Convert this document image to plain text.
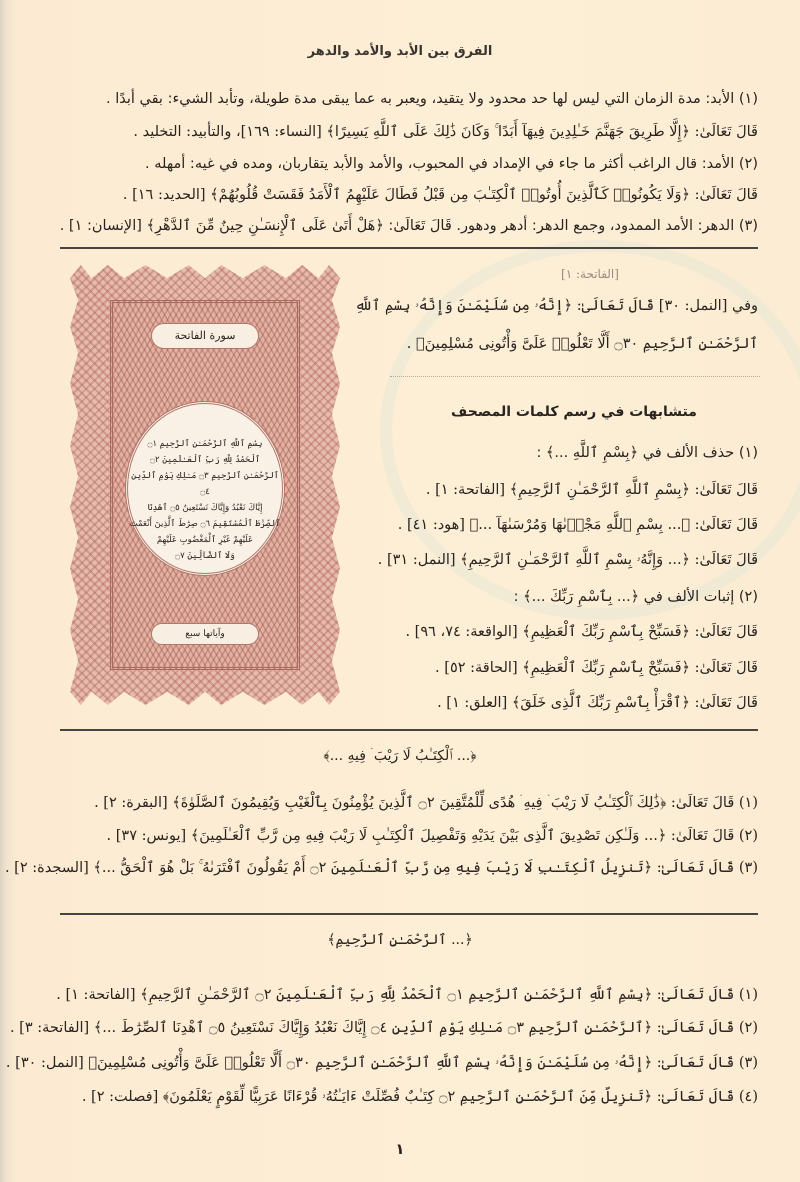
الفرق بين الأبد والأمد والدهر
(١) الأبد: مدة الزمان التي ليس لها حد محدود ولا يتقيد، ويعبر به عما يبقى مدة طويلة، وتأبد الشيء: بقي أبدًا .
قَالَ تَعَالَىٰ: ﴿إِلَّا طَرِيقَ جَهَنَّمَ خَـٰلِدِينَ فِيهَآ أَبَدًا ۚ وَكَانَ ذَٰلِكَ عَلَى ٱللَّهِ يَسِيرًا﴾ [النساء: ١٦٩]، والتأبيد: التخليد .
(٢) الأمد: قال الراغب أكثر ما جاء في الإمداد في المحبوب، والأمد والأبد يتقاربان، ومده في غيه: أمهله .
قَالَ تَعَالَىٰ: ﴿وَلَا يَكُونُوا۟ كَٱلَّذِينَ أُوتُوا۟ ٱلْكِتَـٰبَ مِن قَبْلُ فَطَالَ عَلَيْهِمُ ٱلْأَمَدُ فَقَسَتْ قُلُوبُهُمْ﴾ [الحديد: ١٦] .
(٣) الدهر: الأمد الممدود، وجمع الدهر: أدهر ودهور. قَالَ تَعَالَىٰ: ﴿هَلْ أَتَىٰ عَلَى ٱلْإِنسَـٰنِ حِينٌ مِّنَ ٱلدَّهْرِ﴾ [الإنسان: ١] .
سورة الفاتحة
بِسْمِ ٱللَّهِ ٱلرَّحْمَـٰنِ ٱلرَّحِيمِ ۝١
ٱلْحَمْدُ لِلَّهِ رَبِّ ٱلْعَـٰلَمِينَ ۝٢
ٱلرَّحْمَـٰنِ ٱلرَّحِيمِ ۝٣ مَـٰلِكِ يَوْمِ ٱلدِّينِ ۝٤
إِيَّاكَ نَعْبُدُ وَإِيَّاكَ نَسْتَعِينُ ۝٥ ٱهْدِنَا
ٱلصِّرَٰطَ ٱلْمُسْتَقِيمَ ۝٦ صِرَٰطَ ٱلَّذِينَ أَنْعَمْتَ
عَلَيْهِمْ غَيْرِ ٱلْمَغْضُوبِ عَلَيْهِمْ
وَلَا ٱلضَّآلِّينَ ۝٧
وآياتها سبع
[الفاتحة: ١]
وفي [النمل: ٣٠] قَالَ تَعَالَىٰ: ﴿إِنَّهُۥ مِن سُلَيْمَـٰنَ وَإِنَّهُۥ بِسْمِ ٱللَّهِ
ٱلرَّحْمَـٰنِ ٱلرَّحِيمِ ۝٣٠ أَلَّا تَعْلُوا۟ عَلَىَّ وَأْتُونِى مُسْلِمِينَ﴾ .
متشابهات في رسم كلمات المصحف
(١) حذف الألف في ﴿بِسْمِ ٱللَّهِ ...﴾ :
قَالَ تَعَالَىٰ: ﴿بِسْمِ ٱللَّهِ ٱلرَّحْمَـٰنِ ٱلرَّحِيمِ﴾ [الفاتحة: ١] .
قَالَ تَعَالَىٰ: ﴿... بِسْمِ ٱللَّهِ مَجْر۪ىٰهَا وَمُرْسَىٰهَآ ...﴾ [هود: ٤١] .
قَالَ تَعَالَىٰ: ﴿... وَإِنَّهُۥ بِسْمِ ٱللَّهِ ٱلرَّحْمَـٰنِ ٱلرَّحِيمِ﴾ [النمل: ٣١] .
(٢) إثبات الألف في ﴿... بِٱسْمِ رَبِّكَ ...﴾ :
قَالَ تَعَالَىٰ: ﴿فَسَبِّحْ بِٱسْمِ رَبِّكَ ٱلْعَظِيمِ﴾ [الواقعة: ٧٤، ٩٦] .
قَالَ تَعَالَىٰ: ﴿فَسَبِّحْ بِٱسْمِ رَبِّكَ ٱلْعَظِيمِ﴾ [الحاقة: ٥٢] .
قَالَ تَعَالَىٰ: ﴿ٱقْرَأْ بِٱسْمِ رَبِّكَ ٱلَّذِى خَلَقَ﴾ [العلق: ١] .
﴿... ٱلْكِتَـٰبُ لَا رَيْبَ ۛ فِيهِ ...﴾
(١) قَالَ تَعَالَىٰ: ﴿ذَٰلِكَ ٱلْكِتَـٰبُ لَا رَيْبَ ۛ فِيهِ ۛ هُدًى لِّلْمُتَّقِينَ ۝٢ ٱلَّذِينَ يُؤْمِنُونَ بِٱلْغَيْبِ وَيُقِيمُونَ ٱلصَّلَوٰةَ﴾ [البقرة: ٢] .
(٢) قَالَ تَعَالَىٰ: ﴿... وَلَـٰكِن تَصْدِيقَ ٱلَّذِى بَيْنَ يَدَيْهِ وَتَفْصِيلَ ٱلْكِتَـٰبِ لَا رَيْبَ فِيهِ مِن رَّبِّ ٱلْعَـٰلَمِينَ﴾ [يونس: ٣٧] .
(٣) قَالَ تَعَالَىٰ: ﴿تَنزِيلُ ٱلْكِتَـٰبِ لَا رَيْبَ فِيهِ مِن رَّبِّ ٱلْعَـٰلَمِينَ ۝٢ أَمْ يَقُولُونَ ٱفْتَرَىٰهُ ۚ بَلْ هُوَ ٱلْحَقُّ ...﴾ [السجدة: ٢] .
﴿... ٱلرَّحْمَـٰنِ ٱلرَّحِيمِ﴾
(١) قَالَ تَعَالَىٰ: ﴿بِسْمِ ٱللَّهِ ٱلرَّحْمَـٰنِ ٱلرَّحِيمِ ۝١ ٱلْحَمْدُ لِلَّهِ رَبِّ ٱلْعَـٰلَمِينَ ۝٢ ٱلرَّحْمَـٰنِ ٱلرَّحِيمِ﴾ [الفاتحة: ١] .
(٢) قَالَ تَعَالَىٰ: ﴿ٱلرَّحْمَـٰنِ ٱلرَّحِيمِ ۝٣ مَـٰلِكِ يَوْمِ ٱلدِّينِ ۝٤ إِيَّاكَ نَعْبُدُ وَإِيَّاكَ نَسْتَعِينُ ۝٥ ٱهْدِنَا ٱلصِّرَٰطَ ...﴾ [الفاتحة: ٣] .
(٣) قَالَ تَعَالَىٰ: ﴿إِنَّهُۥ مِن سُلَيْمَـٰنَ وَإِنَّهُۥ بِسْمِ ٱللَّهِ ٱلرَّحْمَـٰنِ ٱلرَّحِيمِ ۝٣٠ أَلَّا تَعْلُوا۟ عَلَىَّ وَأْتُونِى مُسْلِمِينَ﴾ [النمل: ٣٠] .
(٤) قَالَ تَعَالَىٰ: ﴿تَنزِيلٌ مِّنَ ٱلرَّحْمَـٰنِ ٱلرَّحِيمِ ۝٢ كِتَـٰبٌ فُصِّلَتْ ءَايَـٰتُهُۥ قُرْءَانًا عَرَبِيًّا لِّقَوْمٍ يَعْلَمُونَ﴾ [فصلت: ٢] .
١
